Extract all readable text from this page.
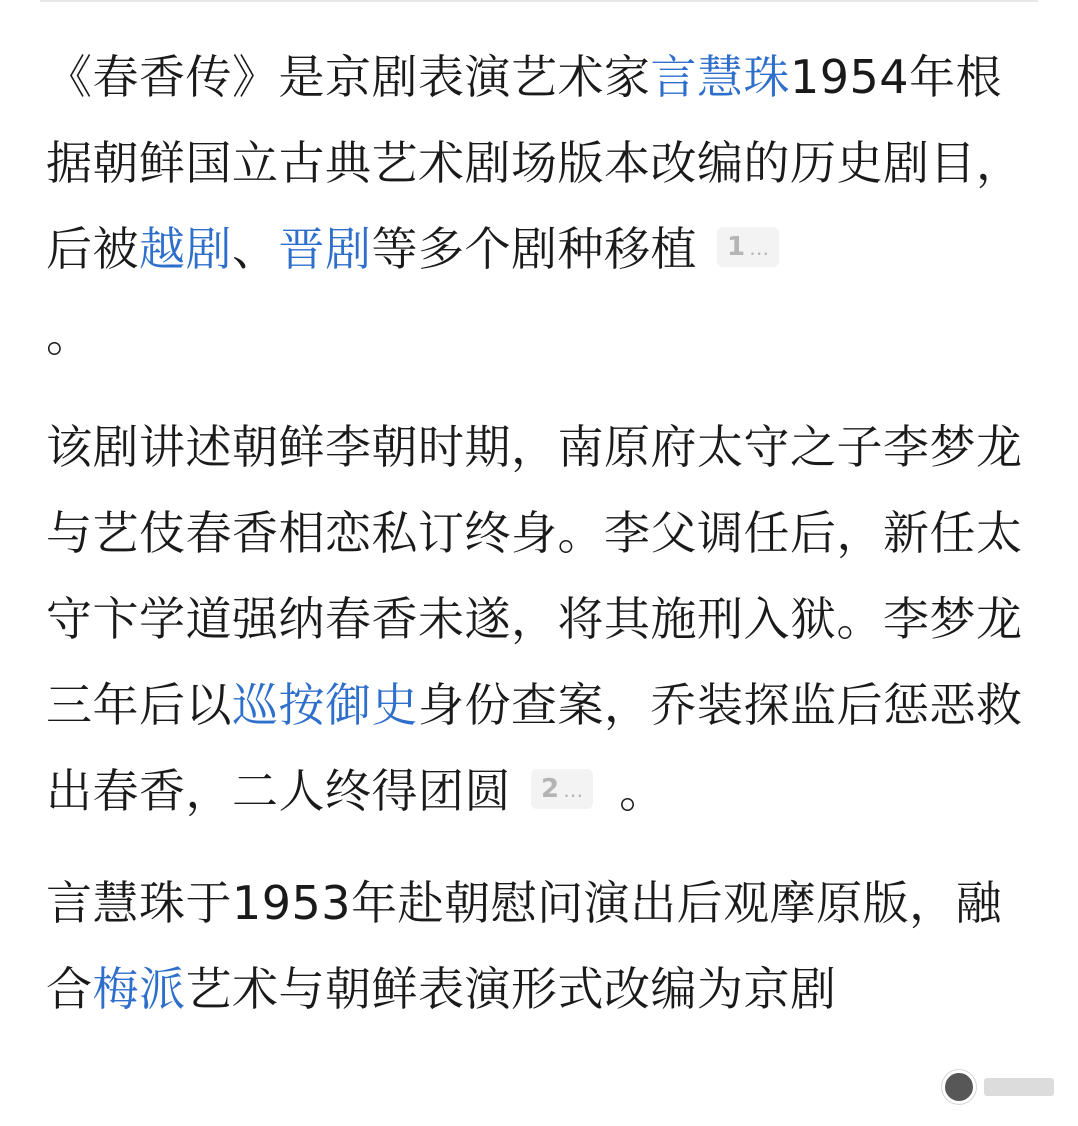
《春香传》是京剧表演艺术家言慧珠1954年根据朝鲜国立古典艺术剧场版本改编的历史剧目，后被越剧、晋剧等多个剧种移植 1 …
。

该剧讲述朝鲜李朝时期，南原府太守之子李梦龙与艺伎春香相恋私订终身。李父调任后，新任太守卞学道强纳春香未遂，将其施刑入狱。李梦龙三年后以巡按御史身份查案，乔装探监后惩恶救出春香，二人终得团圆 2 … 。

言慧珠于1953年赴朝慰问演出后观摩原版，融合梅派艺术与朝鲜表演形式改编为京剧
